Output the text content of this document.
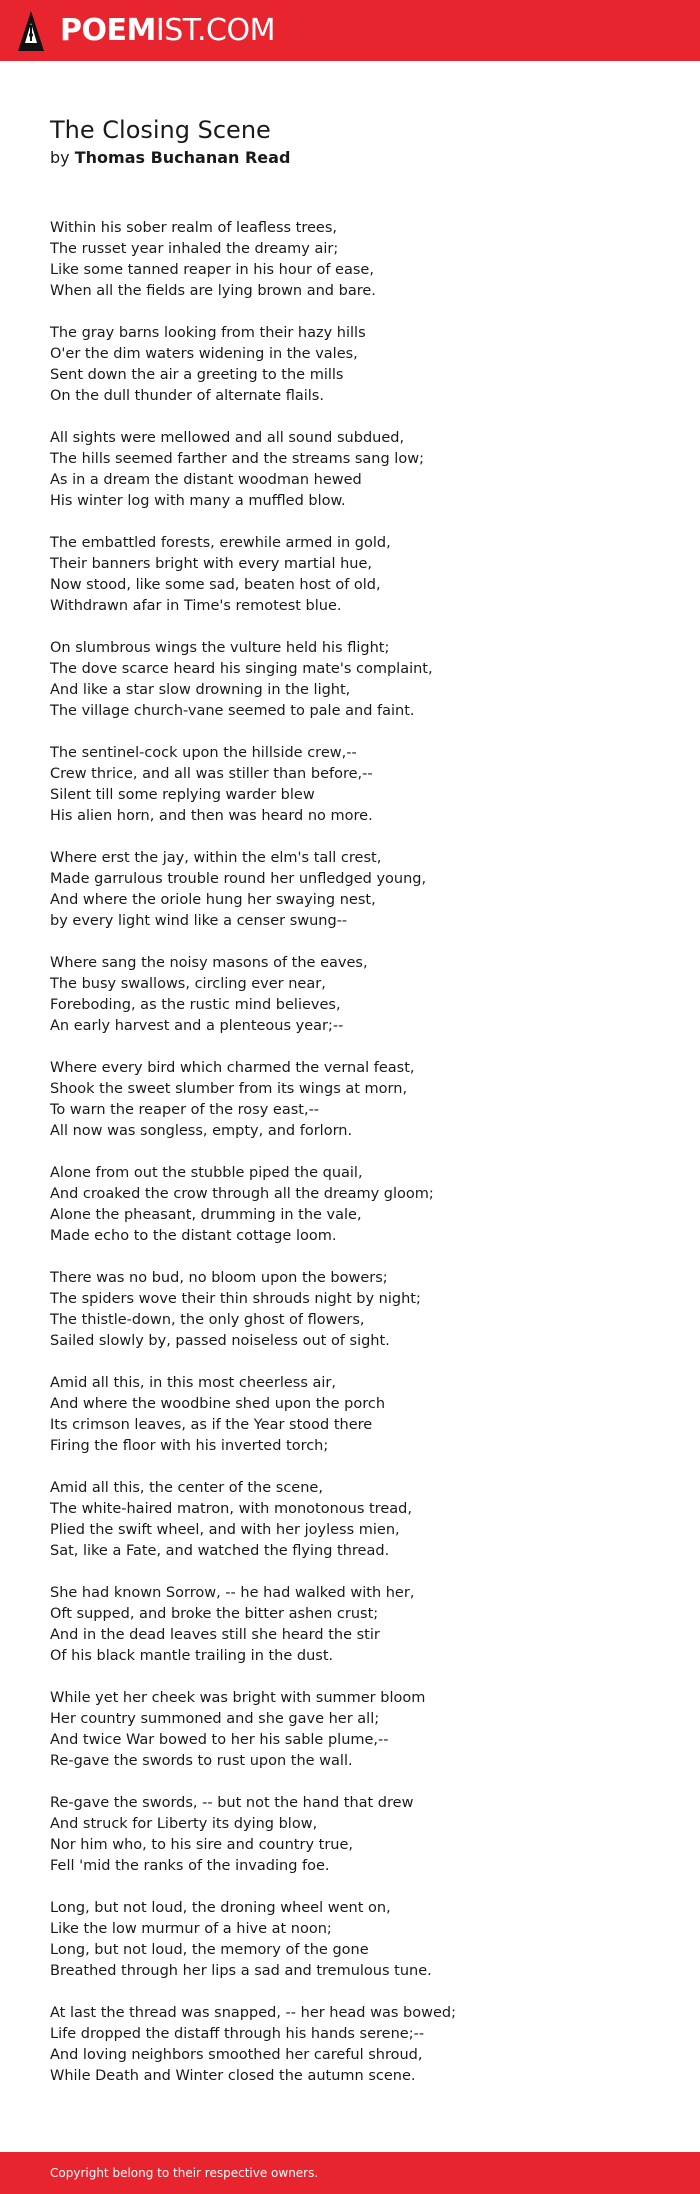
POEMIST.COM
The Closing Scene
by Thomas Buchanan Read
Within his sober realm of leafless trees,
The russet year inhaled the dreamy air;
Like some tanned reaper in his hour of ease,
When all the fields are lying brown and bare.
The gray barns looking from their hazy hills
O'er the dim waters widening in the vales,
Sent down the air a greeting to the mills
On the dull thunder of alternate flails.
All sights were mellowed and all sound subdued,
The hills seemed farther and the streams sang low;
As in a dream the distant woodman hewed
His winter log with many a muffled blow.
The embattled forests, erewhile armed in gold,
Their banners bright with every martial hue,
Now stood, like some sad, beaten host of old,
Withdrawn afar in Time's remotest blue.
On slumbrous wings the vulture held his flight;
The dove scarce heard his singing mate's complaint,
And like a star slow drowning in the light,
The village church-vane seemed to pale and faint.
The sentinel-cock upon the hillside crew,--
Crew thrice, and all was stiller than before,--
Silent till some replying warder blew
His alien horn, and then was heard no more.
Where erst the jay, within the elm's tall crest,
Made garrulous trouble round her unfledged young,
And where the oriole hung her swaying nest,
by every light wind like a censer swung--
Where sang the noisy masons of the eaves,
The busy swallows, circling ever near,
Foreboding, as the rustic mind believes,
An early harvest and a plenteous year;--
Where every bird which charmed the vernal feast,
Shook the sweet slumber from its wings at morn,
To warn the reaper of the rosy east,--
All now was songless, empty, and forlorn.
Alone from out the stubble piped the quail,
And croaked the crow through all the dreamy gloom;
Alone the pheasant, drumming in the vale,
Made echo to the distant cottage loom.
There was no bud, no bloom upon the bowers;
The spiders wove their thin shrouds night by night;
The thistle-down, the only ghost of flowers,
Sailed slowly by, passed noiseless out of sight.
Amid all this, in this most cheerless air,
And where the woodbine shed upon the porch
Its crimson leaves, as if the Year stood there
Firing the floor with his inverted torch;
Amid all this, the center of the scene,
The white-haired matron, with monotonous tread,
Plied the swift wheel, and with her joyless mien,
Sat, like a Fate, and watched the flying thread.
She had known Sorrow, -- he had walked with her,
Oft supped, and broke the bitter ashen crust;
And in the dead leaves still she heard the stir
Of his black mantle trailing in the dust.
While yet her cheek was bright with summer bloom
Her country summoned and she gave her all;
And twice War bowed to her his sable plume,--
Re-gave the swords to rust upon the wall.
Re-gave the swords, -- but not the hand that drew
And struck for Liberty its dying blow,
Nor him who, to his sire and country true,
Fell 'mid the ranks of the invading foe.
Long, but not loud, the droning wheel went on,
Like the low murmur of a hive at noon;
Long, but not loud, the memory of the gone
Breathed through her lips a sad and tremulous tune.
At last the thread was snapped, -- her head was bowed;
Life dropped the distaff through his hands serene;--
And loving neighbors smoothed her careful shroud,
While Death and Winter closed the autumn scene.
Copyright belong to their respective owners.
